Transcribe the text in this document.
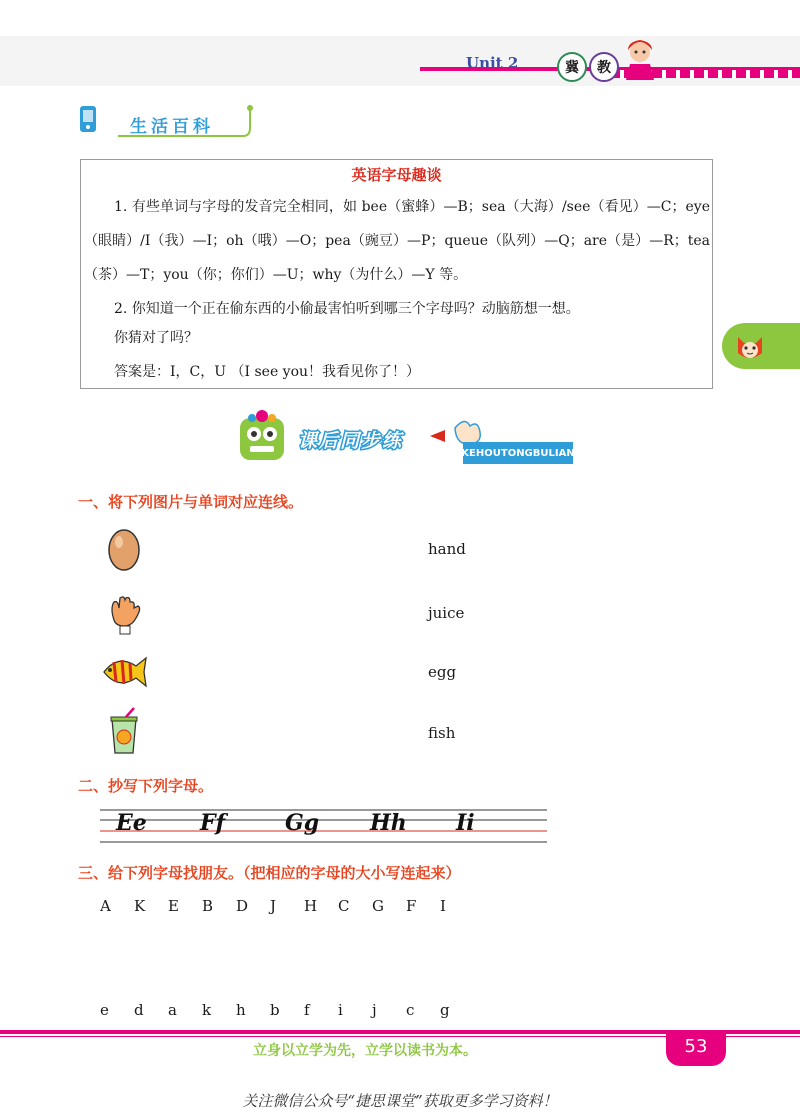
Unit 2	冀	教
生活百科
英语字母趣谈
1. 有些单词与字母的发音完全相同，如 bee（蜜蜂）—B；sea（大海）/see（看见）—C；eye（眼睛）/I（我）—I；oh（哦）—O；pea（豌豆）—P；queue（队列）—Q；are（是）—R；tea（茶）—T；you（你；你们）—U；why（为什么）—Y 等。
2. 你知道一个正在偷东西的小偷最害怕听到哪三个字母吗？动脑筋想一想。
你猜对了吗？
答案是：I，C，U （I see you！我看见你了！）
课后同步练
KEHOUTONGBULIAN
一、将下列图片与单词对应连线。
hand
juice
egg
fish
二、抄写下列字母。
Ee Ff	Gg Hh Ii
三、给下列字母找朋友。（把相应的字母的大小写连起来）
A K E B D J H C G F I
e d a k h b f i j c g
立身以立学为先，立学以读书为本。	53
关注微信公众号“捷思课堂”获取更多学习资料！
